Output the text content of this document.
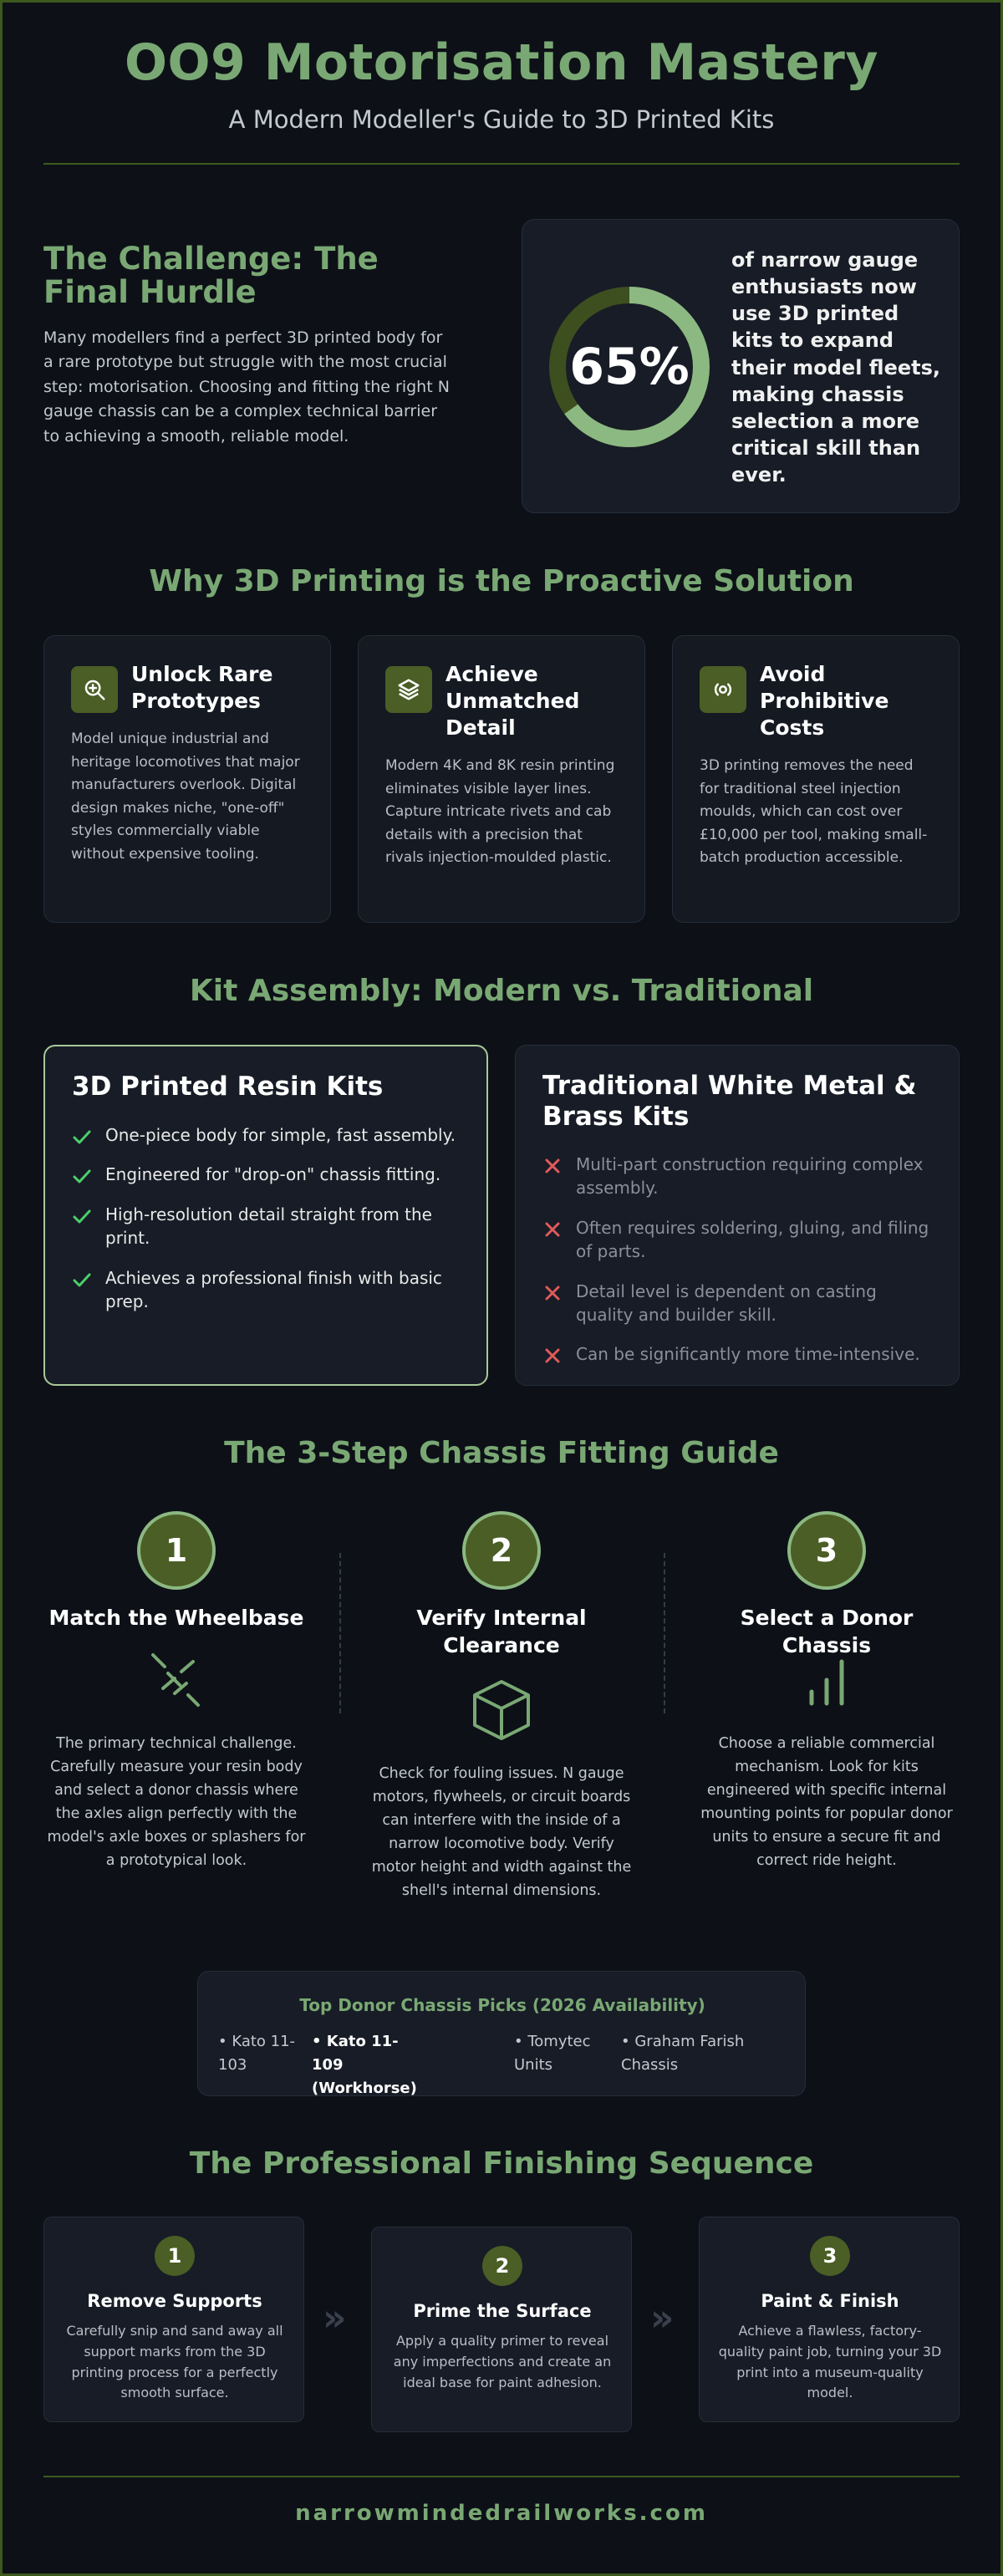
OO9 Motorisation Mastery
A Modern Modeller's Guide to 3D Printed Kits
The Challenge: The Final Hurdle
Many modellers find a perfect 3D printed body for a rare prototype but struggle with the most crucial step: motorisation. Choosing and fitting the right N gauge chassis can be a complex technical barrier to achieving a smooth, reliable model.
65%
of narrow gauge enthusiasts now use 3D printed kits to expand their model fleets, making chassis selection a more critical skill than ever.
Why 3D Printing is the Proactive Solution
Unlock Rare Prototypes
Model unique industrial and heritage locomotives that major manufacturers overlook. Digital design makes niche, "one-off" styles commercially viable without expensive tooling.
Achieve Unmatched Detail
Modern 4K and 8K resin printing eliminates visible layer lines. Capture intricate rivets and cab details with a precision that rivals injection-moulded plastic.
Avoid Prohibitive Costs
3D printing removes the need for traditional steel injection moulds, which can cost over £10,000 per tool, making small-batch production accessible.
Kit Assembly: Modern vs. Traditional
3D Printed Resin Kits
One-piece body for simple, fast assembly.
Engineered for "drop-on" chassis fitting.
High-resolution detail straight from the print.
Achieves a professional finish with basic prep.
Traditional White Metal & Brass Kits
Multi-part construction requiring complex assembly.
Often requires soldering, gluing, and filing of parts.
Detail level is dependent on casting quality and builder skill.
Can be significantly more time-intensive.
The 3-Step Chassis Fitting Guide
1
Match the Wheelbase
The primary technical challenge. Carefully measure your resin body and select a donor chassis where the axles align perfectly with the model's axle boxes or splashers for a prototypical look.
2
Verify Internal Clearance
Check for fouling issues. N gauge motors, flywheels, or circuit boards can interfere with the inside of a narrow locomotive body. Verify motor height and width against the shell's internal dimensions.
3
Select a Donor Chassis
Choose a reliable commercial mechanism. Look for kits engineered with specific internal mounting points for popular donor units to ensure a secure fit and correct ride height.
Top Donor Chassis Picks (2026 Availability)
• Kato 11-103
• Kato 11-109 (Workhorse)
• Tomytec Units
• Graham Farish Chassis
The Professional Finishing Sequence
1
Remove Supports
Carefully snip and sand away all support marks from the 3D printing process for a perfectly smooth surface.
»
2
Prime the Surface
Apply a quality primer to reveal any imperfections and create an ideal base for paint adhesion.
»
3
Paint & Finish
Achieve a flawless, factory-quality paint job, turning your 3D print into a museum-quality model.
narrowmindedrailworks.com
